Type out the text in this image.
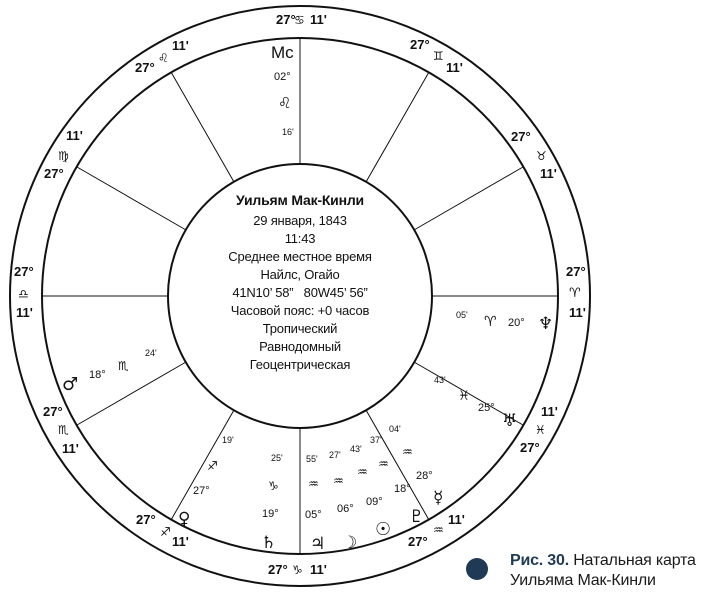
27°
♋ 11'
27°
♊
11'
27°
♉
11'
27°
♈
11'
11'
♓
27°
11'
♒
27°
27° ♑ 11'
27°
♐
11'
27°
♏
11'
27°
♎
11'
11'
♍
27°
11'
♌
27°
Mc
02°
♌
16'
05' ♈ 20° ♆
43'
♓
25°
♅
04'
♒
28°
☿
37'
♒
18°
♇
43'
♒
09°
☉
27'
♒
06°
☽
55'
♒
05°
♃
25'
♑
19°
♄
19'
♐
27°
♀
24'
♏
18°
♂
Уильям Мак-Кинли
29 января, 1843
11:43
Среднее местное время
Найлс, Огайо
41N10’ 58”   80W45’ 56”
Часовой пояс: +0 часов
Тропический
Равнодомный
Геоцентрическая
Рис. 30. Натальная карта
Уильяма Мак-Кинли
